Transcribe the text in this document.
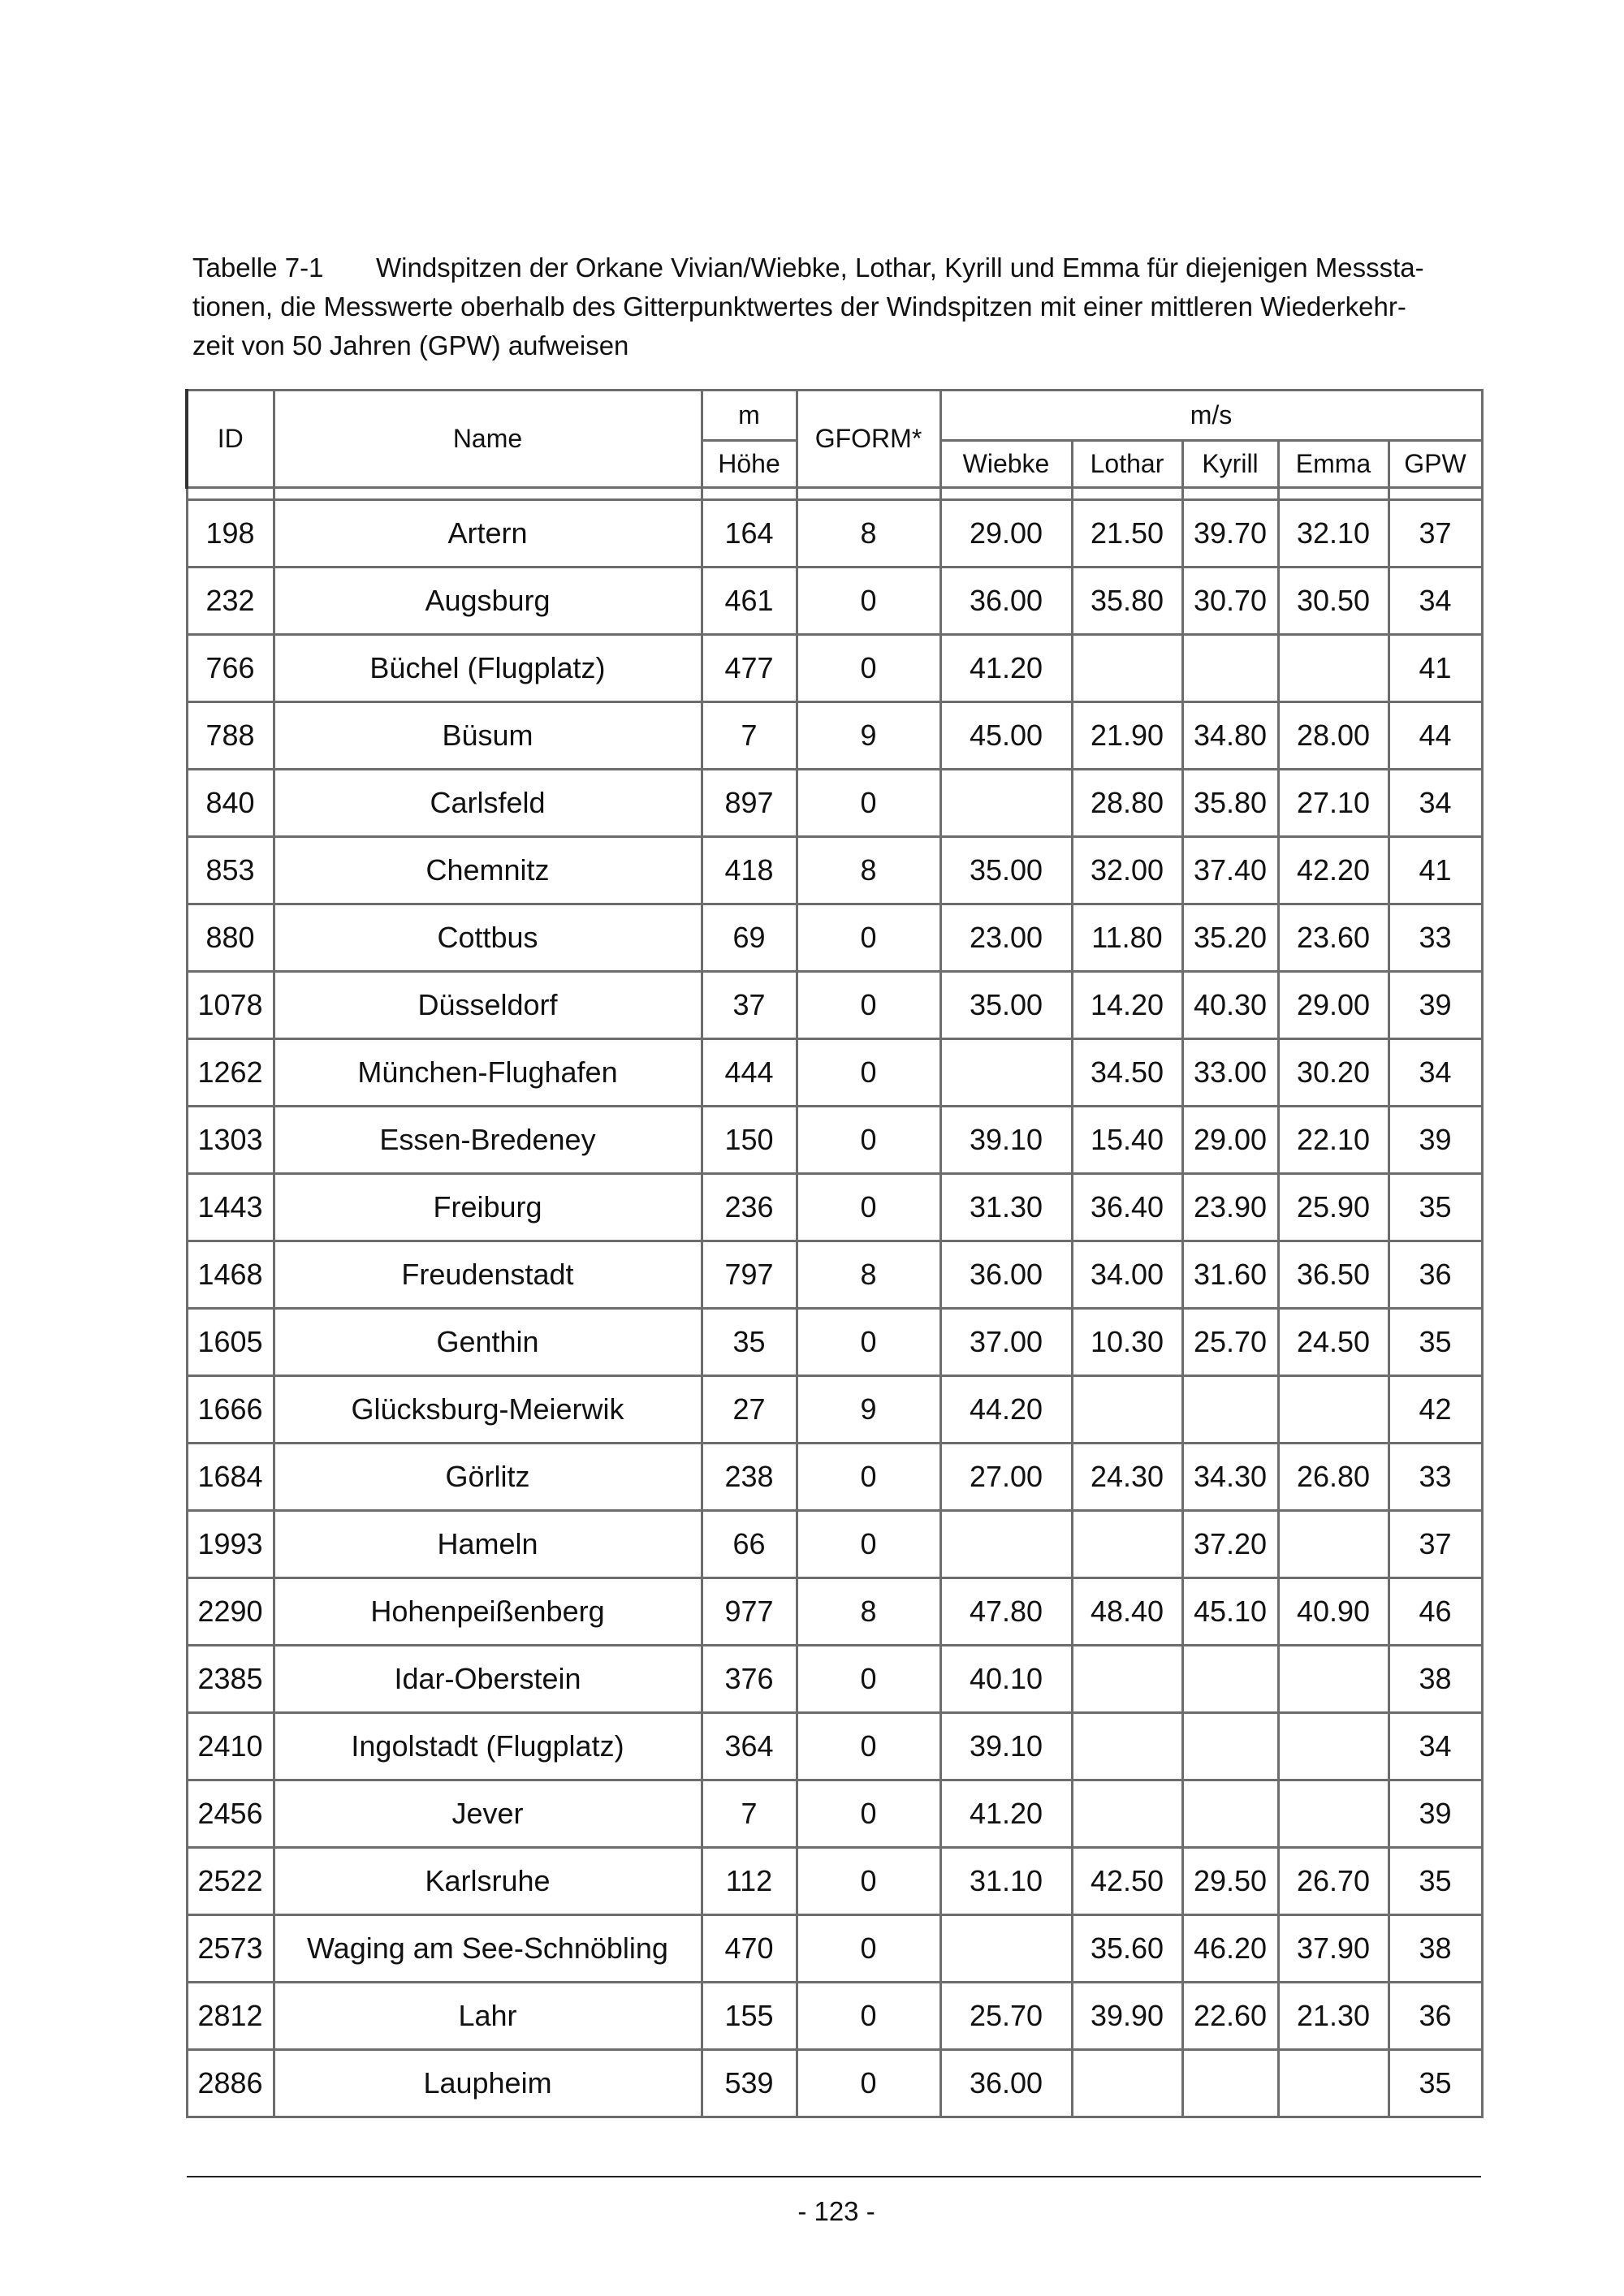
Tabelle 7-1 Windspitzen der Orkane Vivian/Wiebke, Lothar, Kyrill und Emma für diejenigen Messsta-
tionen, die Messwerte oberhalb des Gitterpunktwertes der Windspitzen mit einer mittleren Wiederkehr-
zeit von 50 Jahren (GPW) aufweisen
ID	Name	m	GFORM*	m/s				
		Höhe		Wiebke	Lothar	Kyrill	Emma	GPW

198	Artern	164	8	29.00	21.50	39.70	32.10	37
232	Augsburg	461	0	36.00	35.80	30.70	30.50	34
766	Büchel (Flugplatz)	477	0	41.20				41
788	Büsum	7	9	45.00	21.90	34.80	28.00	44
840	Carlsfeld	897	0		28.80	35.80	27.10	34
853	Chemnitz	418	8	35.00	32.00	37.40	42.20	41
880	Cottbus	69	0	23.00	11.80	35.20	23.60	33
1078	Düsseldorf	37	0	35.00	14.20	40.30	29.00	39
1262	München-Flughafen	444	0		34.50	33.00	30.20	34
1303	Essen-Bredeney	150	0	39.10	15.40	29.00	22.10	39
1443	Freiburg	236	0	31.30	36.40	23.90	25.90	35
1468	Freudenstadt	797	8	36.00	34.00	31.60	36.50	36
1605	Genthin	35	0	37.00	10.30	25.70	24.50	35
1666	Glücksburg-Meierwik	27	9	44.20				42
1684	Görlitz	238	0	27.00	24.30	34.30	26.80	33
1993	Hameln	66	0			37.20		37
2290	Hohenpeißenberg	977	8	47.80	48.40	45.10	40.90	46
2385	Idar-Oberstein	376	0	40.10				38
2410	Ingolstadt (Flugplatz)	364	0	39.10				34
2456	Jever	7	0	41.20				39
2522	Karlsruhe	112	0	31.10	42.50	29.50	26.70	35
2573	Waging am See-Schnöbling	470	0		35.60	46.20	37.90	38
2812	Lahr	155	0	25.70	39.90	22.60	21.30	36
2886	Laupheim	539	0	36.00				35
- 123 -
